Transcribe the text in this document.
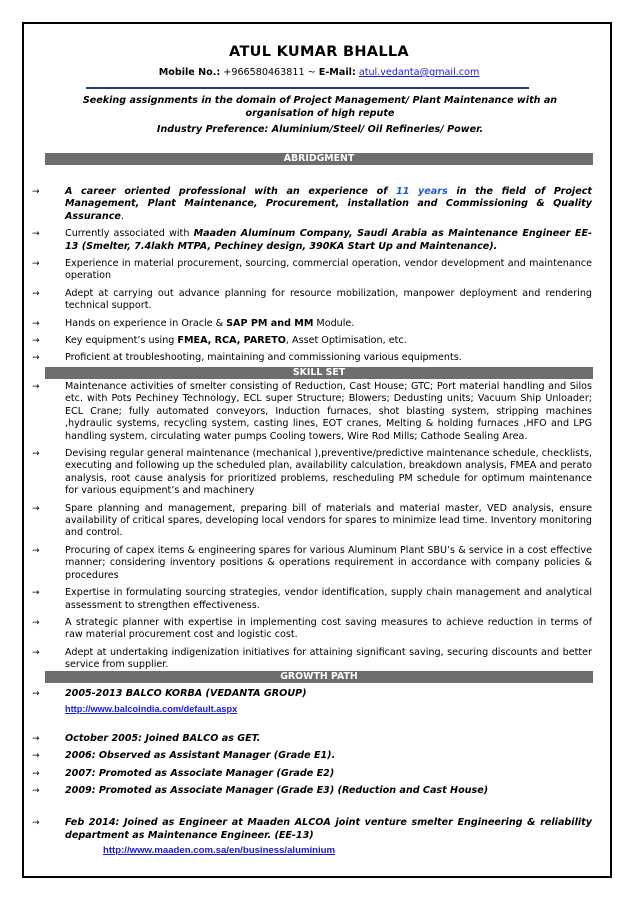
ATUL KUMAR BHALLA
Mobile No.: +966580463811 ~ E-Mail: atul.vedanta@gmail.com
Seeking assignments in the domain of Project Management/ Plant Maintenance with an organisation of high repute
Industry Preference: Aluminium/Steel/ Oil Refineries/ Power.
ABRIDGMENT
→	A career oriented professional with an experience of 11 years in the field of Project Management, Plant Maintenance, Procurement, installation and Commissioning & Quality Assurance.
→	Currently associated with Maaden Aluminum Company, Saudi Arabia as Maintenance Engineer EE-13 (Smelter, 7.4lakh MTPA, Pechiney design, 390KA Start Up and Maintenance).
→	Experience in material procurement, sourcing, commercial operation, vendor development and maintenance operation
→	Adept at carrying out advance planning for resource mobilization, manpower deployment and rendering technical support.
→	Hands on experience in Oracle & SAP PM and MM Module.
→	Key equipment’s using FMEA, RCA, PARETO, Asset Optimisation, etc.
→	Proficient at troubleshooting, maintaining and commissioning various equipments.
SKILL SET
→	Maintenance activities of smelter consisting of Reduction, Cast House; GTC; Port material handling and Silos etc. with Pots Pechiney Technology, ECL super Structure; Blowers; Dedusting units; Vacuum Ship Unloader; ECL Crane; fully automated conveyors, Induction furnaces, shot blasting system, stripping machines ,hydraulic systems, recycling system, casting lines, EOT cranes, Melting & holding furnaces ,HFO and LPG handling system, circulating water pumps Cooling towers, Wire Rod Mills; Cathode Sealing Area.
→	Devising regular general maintenance (mechanical ),preventive/predictive maintenance schedule, checklists, executing and following up the scheduled plan, availability calculation, breakdown analysis, FMEA and perato analysis, root cause analysis for prioritized problems, rescheduling PM schedule for optimum maintenance for various equipment’s and machinery
→	Spare planning and management, preparing bill of materials and material master, VED analysis, ensure availability of critical spares, developing local vendors for spares to minimize lead time. Inventory monitoring and control.
→	Procuring of capex items & engineering spares for various Aluminum Plant SBU’s & service in a cost effective manner; considering inventory positions & operations requirement in accordance with company policies & procedures
→	Expertise in formulating sourcing strategies, vendor identification, supply chain management and analytical assessment to strengthen effectiveness.
→	A strategic planner with expertise in implementing cost saving measures to achieve reduction in terms of raw material procurement cost and logistic cost.
→	Adept at undertaking indigenization initiatives for attaining significant saving, securing discounts and better service from supplier.
GROWTH PATH
→	2005-2013 BALCO KORBA (VEDANTA GROUP)
http://www.balcoindia.com/default.aspx
→	October 2005: Joined BALCO as GET.
→	2006: Observed as Assistant Manager (Grade E1).
→	2007: Promoted as Associate Manager (Grade E2)
→	2009: Promoted as Associate Manager (Grade E3) (Reduction and Cast House)
→	Feb 2014: Joined as Engineer at Maaden ALCOA joint venture smelter Engineering & reliability department as Maintenance Engineer. (EE-13)
http://www.maaden.com.sa/en/business/aluminium
